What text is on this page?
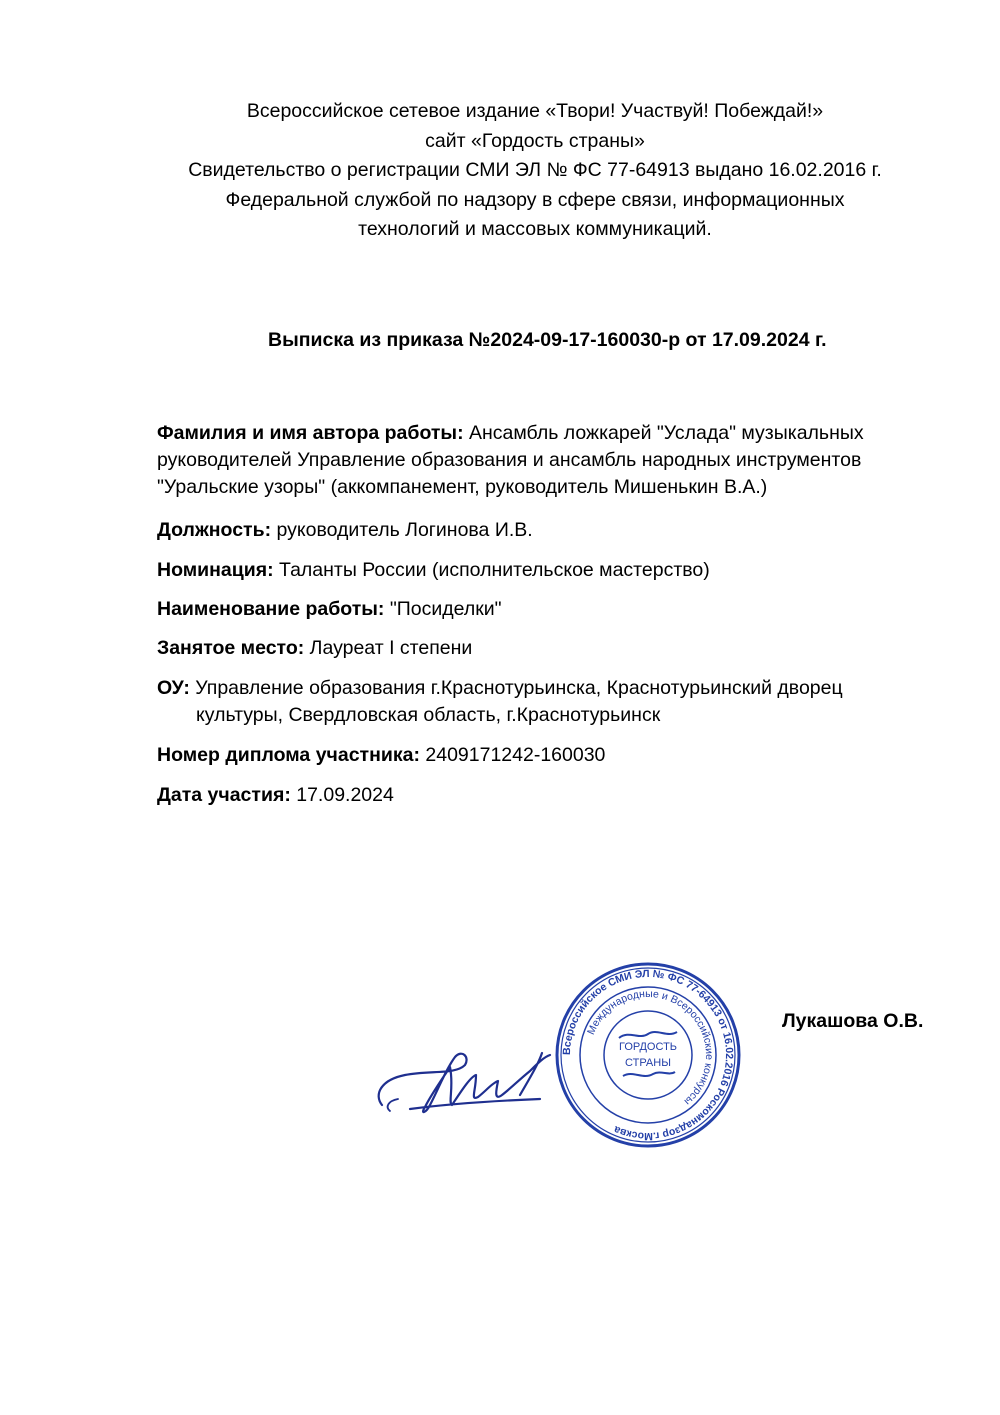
Всероссийское сетевое издание «Твори! Участвуй! Побеждай!»
сайт «Гордость страны»
Свидетельство о регистрации СМИ ЭЛ № ФС 77-64913 выдано 16.02.2016 г.
Федеральной службой по надзору в сфере связи, информационных
технологий и массовых коммуникаций.
Выписка из приказа №2024-09-17-160030-р от 17.09.2024 г.

Фамилия и имя автора работы: Ансамбль ложкарей "Услада" музыкальных руководителей Управление образования и ансамбль народных инструментов "Уральские узоры" (аккомпанемент, руководитель Мишенькин В.А.)

Должность: руководитель Логинова И.В.

Номинация: Таланты России (исполнительское мастерство)

Наименование работы: "Посиделки"

Занятое место: Лауреат I степени

ОУ: Управление образования г.Краснотурьинска, Краснотурьинский дворец
культуры, Свердловская область, г.Краснотурьинск

Номер диплома участника: 2409171242-160030

Дата участия: 17.09.2024

Всероссийское СМИ ЭЛ № ФС 77-64913 от 16.02.2016 Роскомнадзор г.Москва
Международные и Всероссийские конкурсы
ГОРДОСТЬ
СТРАНЫ
Лукашова О.В.
